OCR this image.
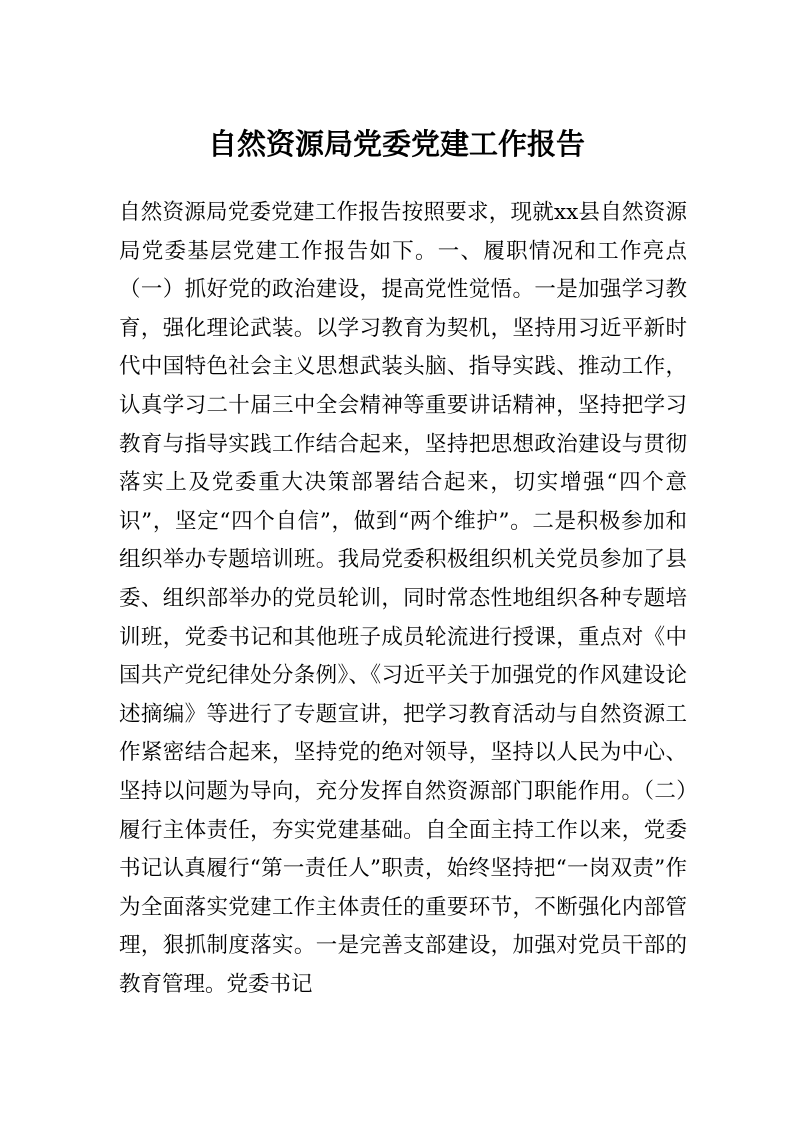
自然资源局党委党建工作报告

自然资源局党委党建工作报告按照要求，现就xx县自然资源局党委基层党建工作报告如下。一、履职情况和工作亮点（一）抓好党的政治建设，提高党性觉悟。一是加强学习教育，强化理论武装。以学习教育为契机，坚持用习近平新时代中国特色社会主义思想武装头脑、指导实践、推动工作，认真学习二十届三中全会精神等重要讲话精神，坚持把学习教育与指导实践工作结合起来，坚持把思想政治建设与贯彻落实上及党委重大决策部署结合起来，切实增强“四个意识”，坚定“四个自信”，做到“两个维护”。二是积极参加和组织举办专题培训班。我局党委积极组织机关党员参加了县委、组织部举办的党员轮训，同时常态性地组织各种专题培训班，党委书记和其他班子成员轮流进行授课，重点对《中国共产党纪律处分条例》、《习近平关于加强党的作风建设论述摘编》等进行了专题宣讲，把学习教育活动与自然资源工作紧密结合起来，坚持党的绝对领导，坚持以人民为中心、坚持以问题为导向，充分发挥自然资源部门职能作用。（二）履行主体责任，夯实党建基础。自全面主持工作以来，党委书记认真履行“第一责任人”职责，始终坚持把“一岗双责”作为全面落实党建工作主体责任的重要环节，不断强化内部管理，狠抓制度落实。一是完善支部建设，加强对党员干部的教育管理。党委书记
